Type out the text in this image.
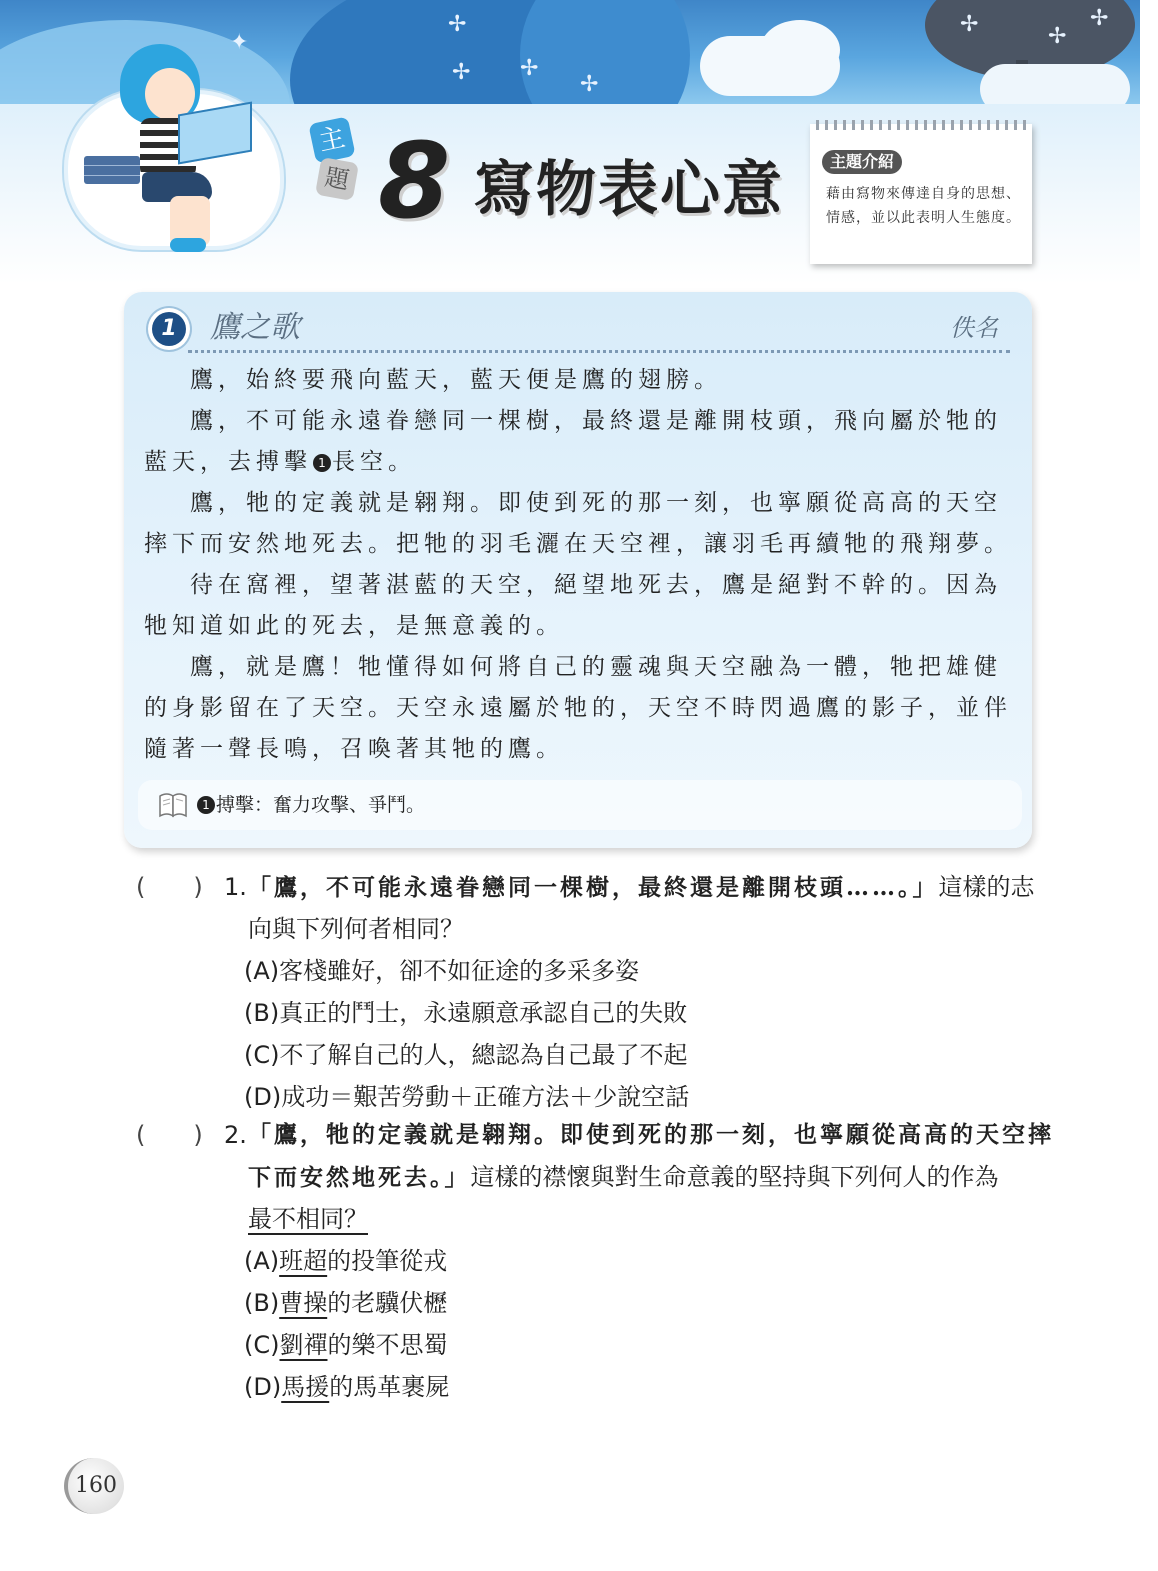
✦
✢
✢ ✢
✢
✢	✢
✢
主
題 8 寫物表心意	主題介紹
藉由寫物來傳達自身的思想、情感，並以此表明人生態度。
1	鷹之歌	佚名

鷹，始終要飛向藍天，藍天便是鷹的翅膀。

鷹，不可能永遠眷戀同一棵樹，最終還是離開枝頭，飛向屬於牠的藍天，去搏擊 1 長空。

鷹，牠的定義就是翱翔。即使到死的那一刻，也寧願從高高的天空摔下而安然地死去。把牠的羽毛灑在天空裡，讓羽毛再續牠的飛翔夢。

待在窩裡，望著湛藍的天空，絕望地死去，鷹是絕對不幹的。因為牠知道如此的死去，是無意義的。

鷹，就是鷹！牠懂得如何將自己的靈魂與天空融為一體，牠把雄健的身影留在了天空。天空永遠屬於牠的，天空不時閃過鷹的影子，並伴隨著一聲長鳴，召喚著其牠的鷹。

1 搏擊：奮力攻擊、爭鬥。
(　　) 1. 「鷹，不可能永遠眷戀同一棵樹，最終還是離開枝頭……。」這樣的志
向與下列何者相同？
(A)客棧雖好，卻不如征途的多采多姿
(B)真正的鬥士，永遠願意承認自己的失敗
(C)不了解自己的人，總認為自己最了不起
(D)成功＝艱苦勞動＋正確方法＋少說空話
(　　) 2. 「鷹，牠的定義就是翱翔。即使到死的那一刻，也寧願從高高的天空摔
下而安然地死去。」這樣的襟懷與對生命意義的堅持與下列何人的作為
最不相同？
(A)班超的投筆從戎
(B)曹操的老驥伏櫪
(C)劉禪的樂不思蜀
(D)馬援的馬革裹屍
160
